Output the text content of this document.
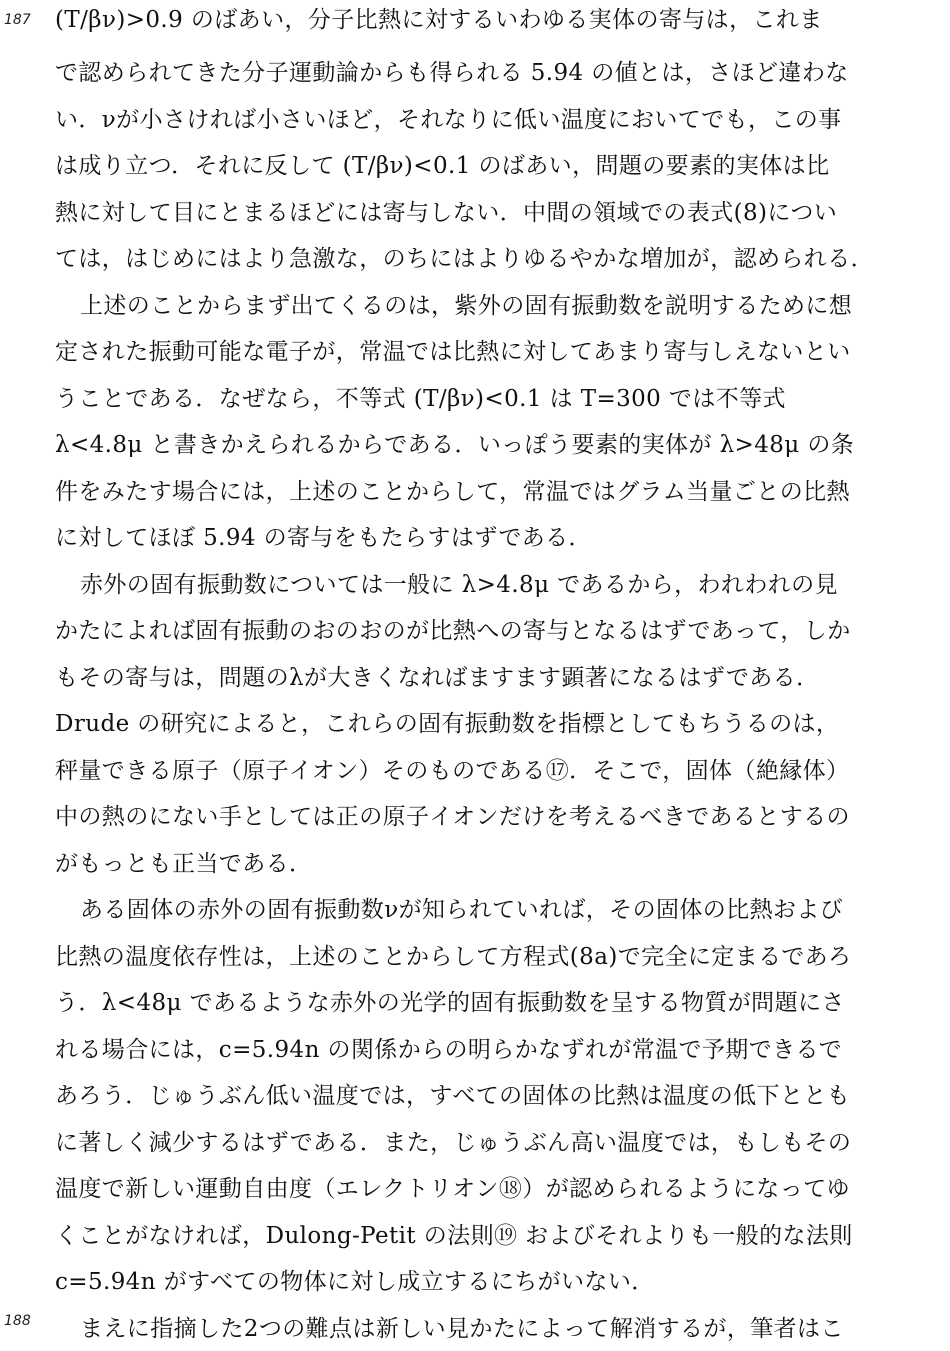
187
188
(T/βν)>0.9 のばあい，分子比熱に対するいわゆる実体の寄与は，これま
で認められてきた分子運動論からも得られる 5.94 の値とは，さほど違わな
い．νが小さければ小さいほど，それなりに低い温度においてでも，この事
は成り立つ．それに反して (T/βν)<0.1 のばあい，問題の要素的実体は比
熱に対して目にとまるほどには寄与しない．中間の領域での表式(8)につい
ては，はじめにはより急激な，のちにはよりゆるやかな増加が，認められる．
上述のことからまず出てくるのは，紫外の固有振動数を説明するために想
定された振動可能な電子が，常温では比熱に対してあまり寄与しえないとい
うことである．なぜなら，不等式 (T/βν)<0.1 は T=300 では不等式
λ<4.8μ と書きかえられるからである．いっぽう要素的実体が λ>48μ の条
件をみたす場合には，上述のことからして，常温ではグラム当量ごとの比熱
に対してほぼ 5.94 の寄与をもたらすはずである．
赤外の固有振動数については一般に λ>4.8μ であるから，われわれの見
かたによれば固有振動のおのおのが比熱への寄与となるはずであって，しか
もその寄与は，問題のλが大きくなればますます顕著になるはずである．
Drude の研究によると，これらの固有振動数を指標としてもちうるのは，
秤量できる原子（原子イオン）そのものである⑰．そこで，固体（絶縁体）
中の熱のにない手としては正の原子イオンだけを考えるべきであるとするの
がもっとも正当である．
ある固体の赤外の固有振動数νが知られていれば，その固体の比熱および
比熱の温度依存性は，上述のことからして方程式(8a)で完全に定まるであろ
う．λ<48μ であるような赤外の光学的固有振動数を呈する物質が問題にさ
れる場合には，c=5.94n の関係からの明らかなずれが常温で予期できるで
あろう．じゅうぶん低い温度では，すべての固体の比熱は温度の低下ととも
に著しく減少するはずである．また，じゅうぶん高い温度では，もしもその
温度で新しい運動自由度（エレクトリオン⑱）が認められるようになってゆ
くことがなければ，Dulong-Petit の法則⑲ およびそれよりも一般的な法則
c=5.94n がすべての物体に対し成立するにちがいない．
まえに指摘した2つの難点は新しい見かたによって解消するが，筆者はこ
